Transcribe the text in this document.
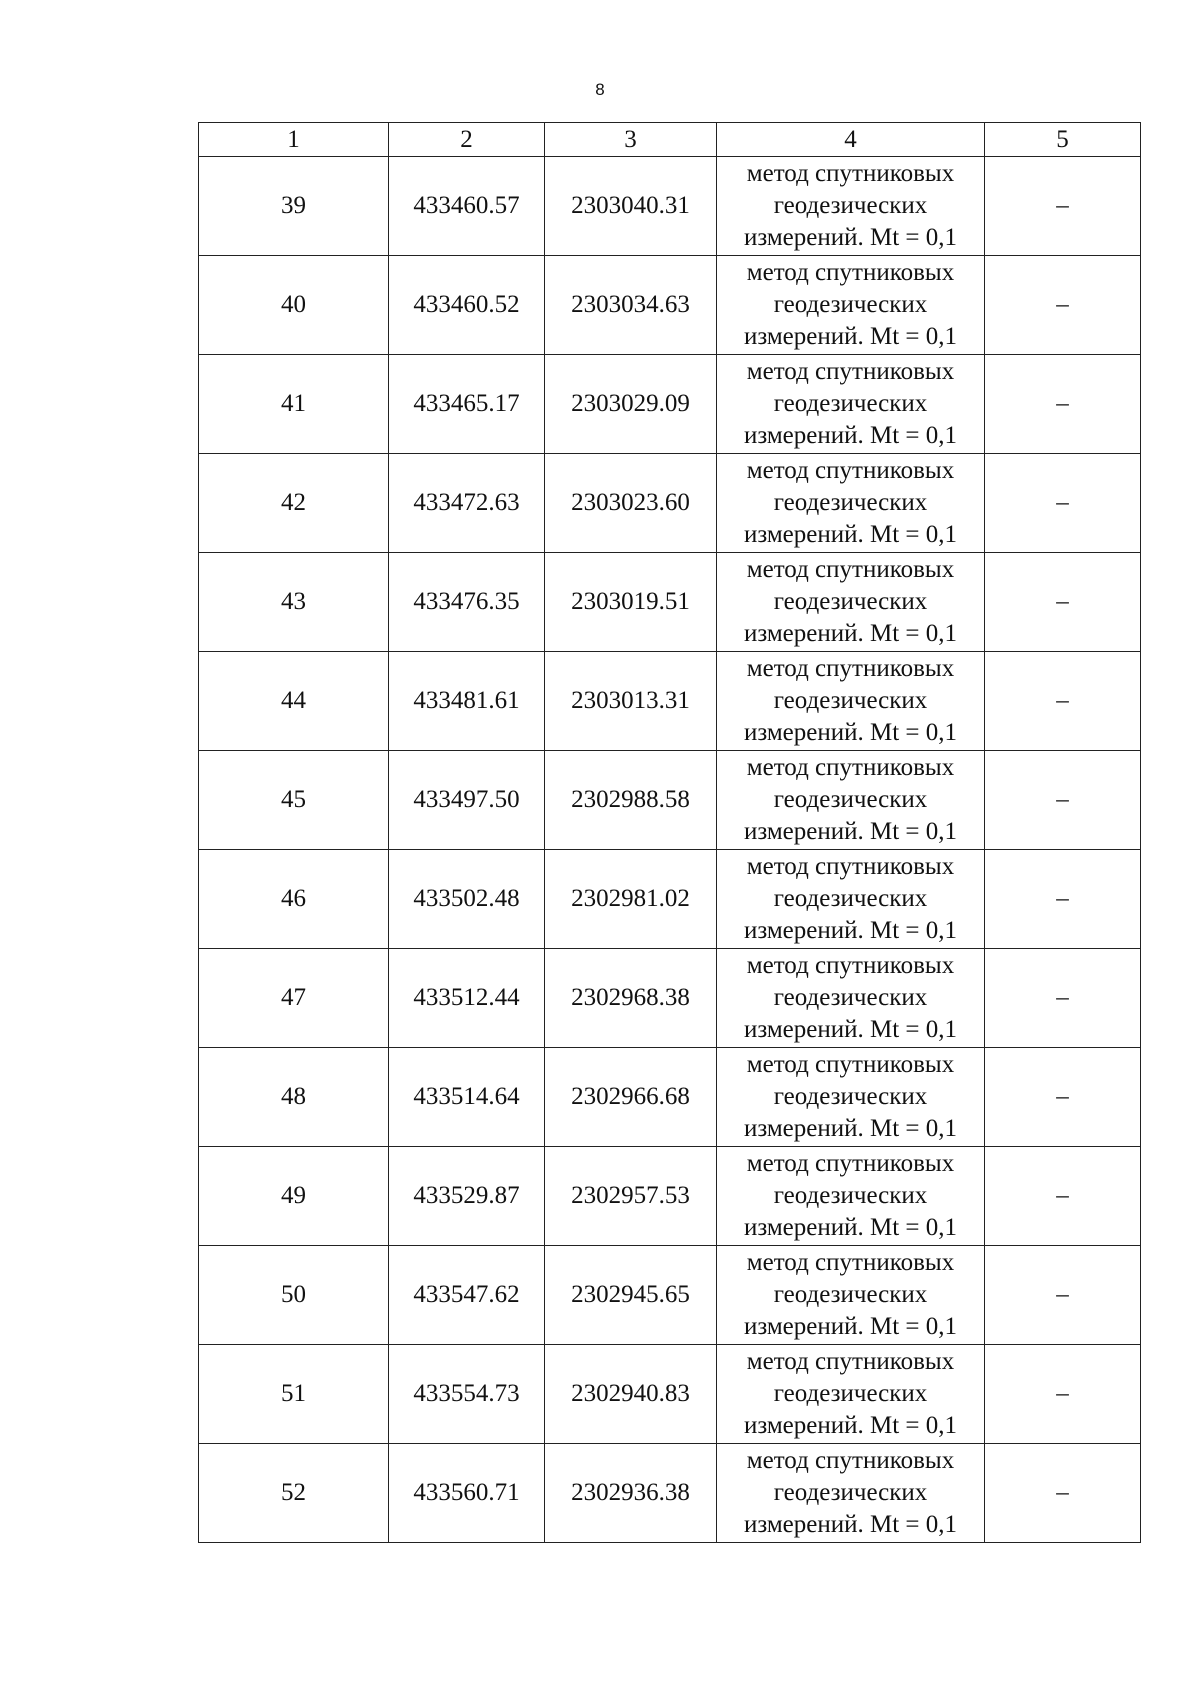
8
1	2	3	4	5
39	433460.57	2303040.31	метод спутниковых геодезических измерений. Mt = 0,1	–
40	433460.52	2303034.63	метод спутниковых геодезических измерений. Mt = 0,1	–
41	433465.17	2303029.09	метод спутниковых геодезических измерений. Mt = 0,1	–
42	433472.63	2303023.60	метод спутниковых геодезических измерений. Mt = 0,1	–
43	433476.35	2303019.51	метод спутниковых геодезических измерений. Mt = 0,1	–
44	433481.61	2303013.31	метод спутниковых геодезических измерений. Mt = 0,1	–
45	433497.50	2302988.58	метод спутниковых геодезических измерений. Mt = 0,1	–
46	433502.48	2302981.02	метод спутниковых геодезических измерений. Mt = 0,1	–
47	433512.44	2302968.38	метод спутниковых геодезических измерений. Mt = 0,1	–
48	433514.64	2302966.68	метод спутниковых геодезических измерений. Mt = 0,1	–
49	433529.87	2302957.53	метод спутниковых геодезических измерений. Mt = 0,1	–
50	433547.62	2302945.65	метод спутниковых геодезических измерений. Mt = 0,1	–
51	433554.73	2302940.83	метод спутниковых геодезических измерений. Mt = 0,1	–
52	433560.71	2302936.38	метод спутниковых геодезических измерений. Mt = 0,1	–
